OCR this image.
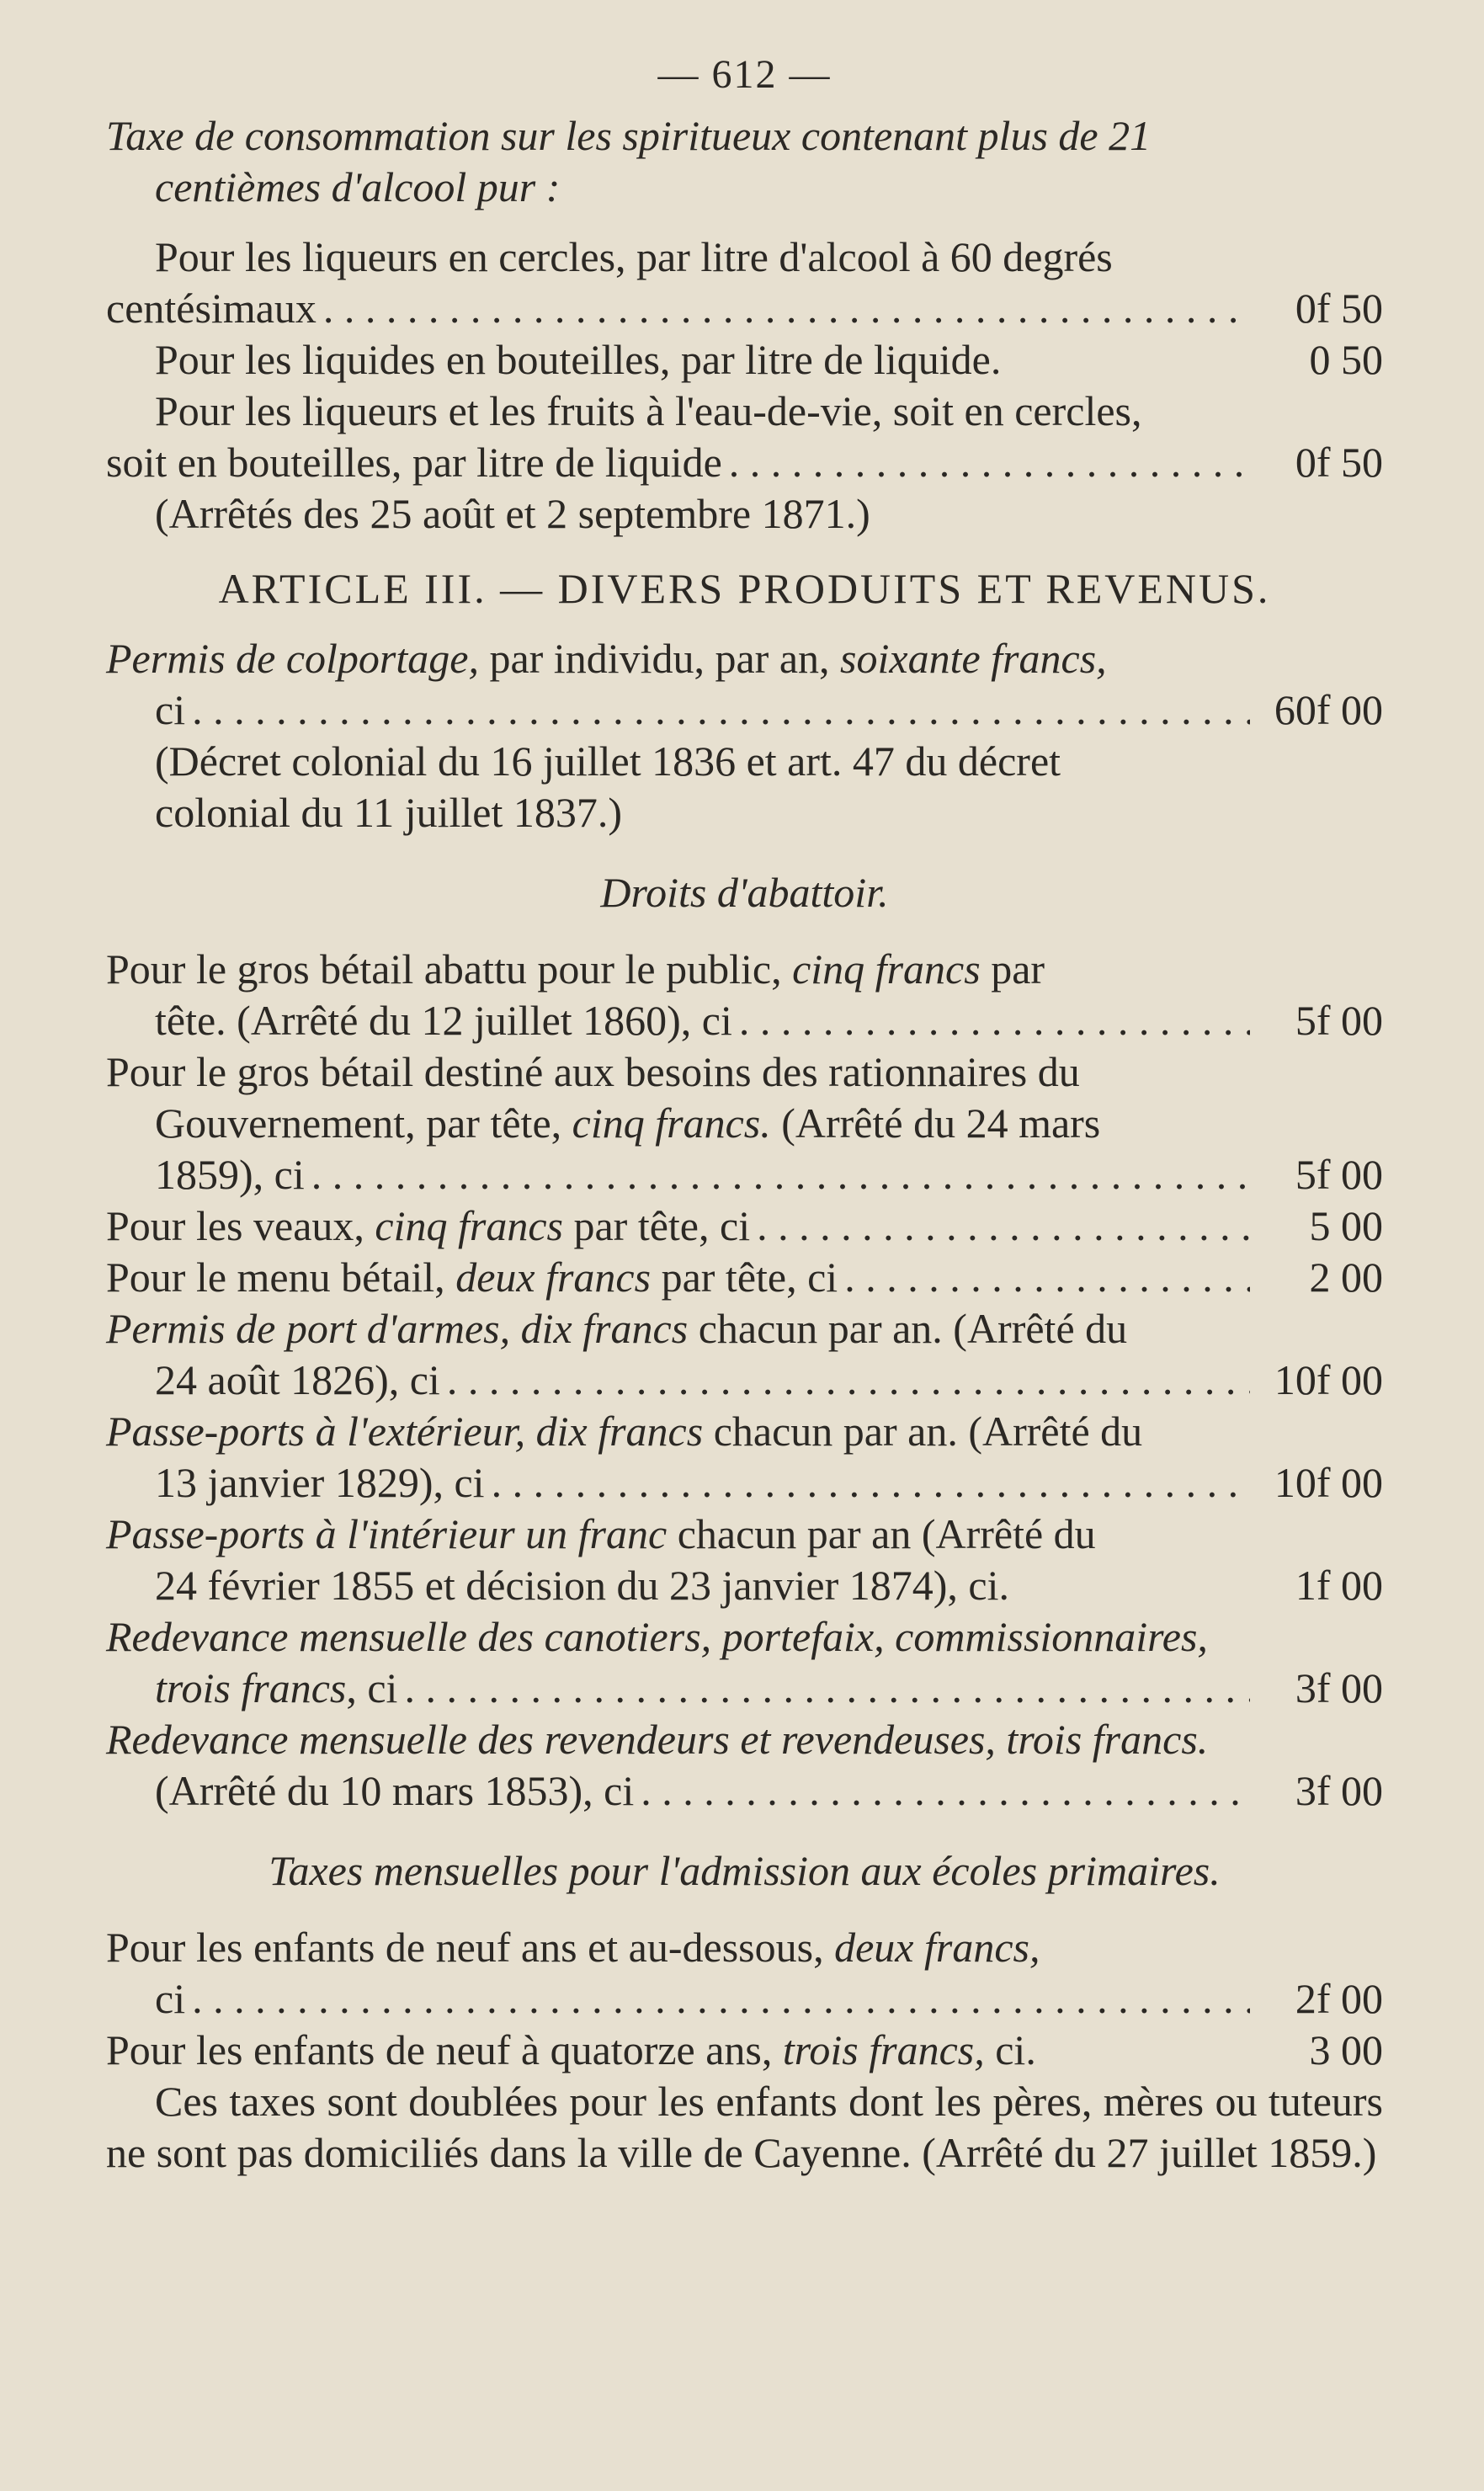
— 612 —

Taxe de consommation sur les spiritueux contenant plus de 21

centièmes d'alcool pur :

Pour les liqueurs en cercles, par litre d'alcool à 60 degrés

centésimaux . . .	0f 50
Pour les liquides en bouteilles, par litre de liquide.	0 50

Pour les liqueurs et les fruits à l'eau-de-vie, soit en cercles,

soit en bouteilles, par litre de liquide . . .	0f 50

(Arrêtés des 25 août et 2 septembre 1871.)

ARTICLE III. — DIVERS PRODUITS ET REVENUS.

Permis de colportage, par individu, par an, soixante francs,

ci . . .	60f 00

(Décret colonial du 16 juillet 1836 et art. 47 du décret

colonial du 11 juillet 1837.)

Droits d'abattoir.

Pour le gros bétail abattu pour le public, cinq francs par

tête. (Arrêté du 12 juillet 1860), ci . . .	5f 00

Pour le gros bétail destiné aux besoins des rationnaires du

Gouvernement, par tête, cinq francs. (Arrêté du 24 mars

1859), ci . . .	5f 00
Pour les veaux, cinq francs par tête, ci . . .	5 00
Pour le menu bétail, deux francs par tête, ci . . .	2 00

Permis de port d'armes, dix francs chacun par an. (Arrêté du

24 août 1826), ci . . .	10f 00

Passe-ports à l'extérieur, dix francs chacun par an. (Arrêté du

13 janvier 1829), ci . . .	10f 00

Passe-ports à l'intérieur un franc chacun par an (Arrêté du

24 février 1855 et décision du 23 janvier 1874), ci.	1f 00

Redevance mensuelle des canotiers, portefaix, commissionnaires,

trois francs, ci . . .	3f 00

Redevance mensuelle des revendeurs et revendeuses, trois francs.

(Arrêté du 10 mars 1853), ci . . .	3f 00

Taxes mensuelles pour l'admission aux écoles primaires.

Pour les enfants de neuf ans et au-dessous, deux francs,

ci . . .	2f 00
Pour les enfants de neuf à quatorze ans, trois francs, ci.	3 00

Ces taxes sont doublées pour les enfants dont les pères, mères ou tuteurs ne sont pas domiciliés dans la ville de Cayenne. (Arrêté du 27 juillet 1859.)
